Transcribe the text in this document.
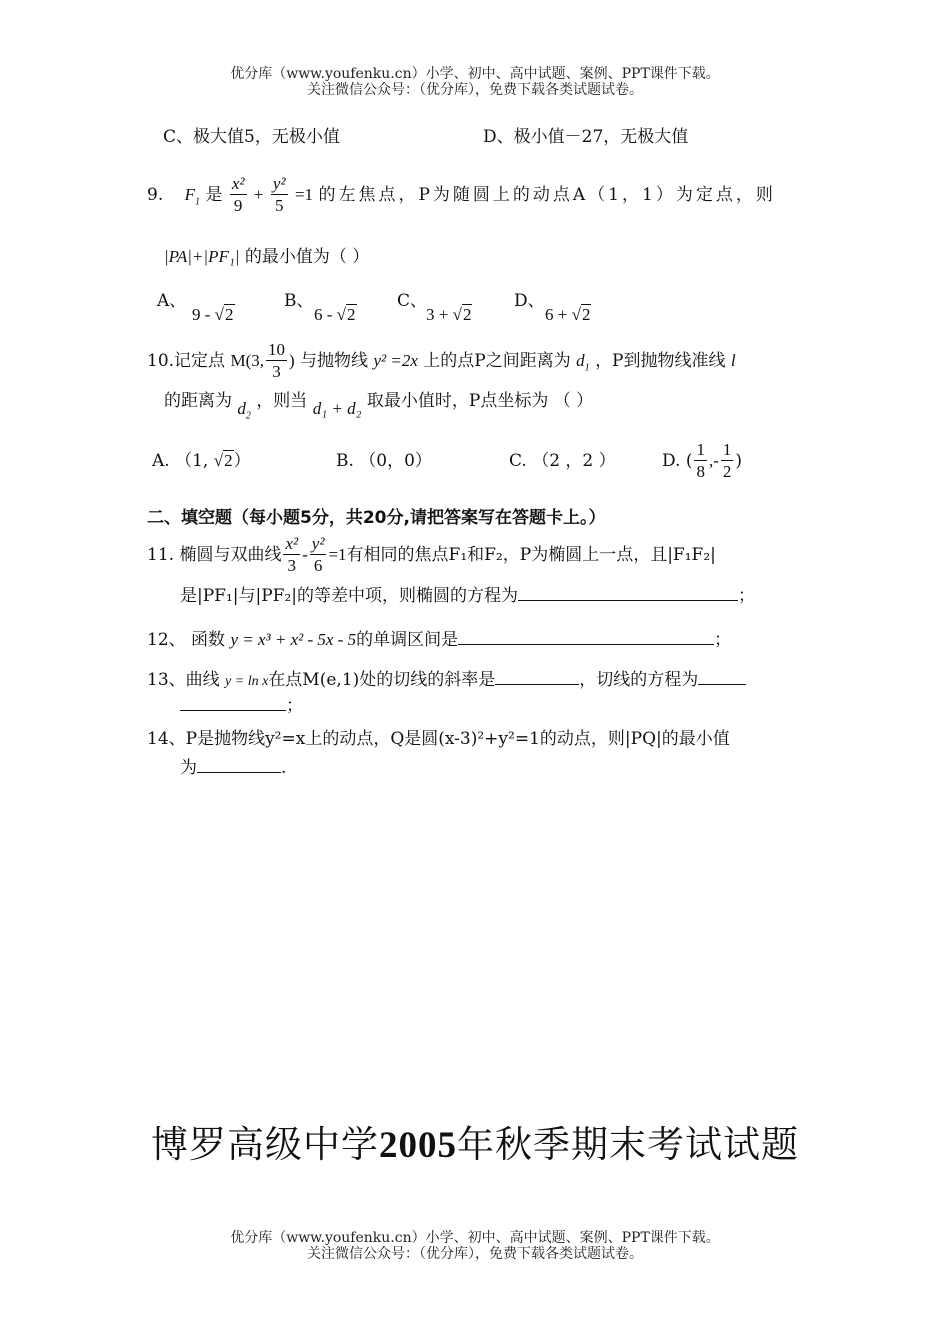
优分库（www.youfenku.cn）小学、初中、高中试题、案例、PPT课件下载。
关注微信公众号：（优分库），免费下载各类试题试卷。
C、极大值5，无极小值	D、极小值－27，无极大值
9. $F_1$ 是 $\frac{\text{x²}}{9} + \frac{\text{y²}}{5} =1$ 的左焦点，P为随圆上的动点A（1，1）为定点，则
|PA|+|PF₁| 的最小值为（ ）
A、
9 - √2
B、
6 - √2
C、
3 + √2
D、
6 + √2
10.记定点 M(3, $\frac{10}{3}$ ) 与抛物线 y² =2x 上的点P之间距离为 $d_1$ ，P到抛物线准线 l
的距离为 $d_2$ ，则当 d₁ + d₂ 取最小值时，P点坐标为 （ ）
A. （1, √2）	B. （0，0）	C. （2 ，2 ）	D. ( $\frac{1}{8}$ ,- $\frac{1}{2}$ )
二、填空题（每小题5分，共20分,请把答案写在答题卡上。）
11. 椭圆与双曲线 $\frac{\text{x²}}{3} - \frac{\text{y²}}{6} =1$有相同的焦点F₁和F₂，P为椭圆上一点，且|F₁F₂|
是|PF₁|与|PF₂|的等差中项，则椭圆的方程为	；
12、 函数 y = x³ + x² - 5x - 5的单调区间是	；
13、曲线 y = ln x在点M(e,1)处的切线的斜率是	，切线的方程为
；
14、P是抛物线y²=x上的动点，Q是圆(x-3)²+y²=1的动点，则|PQ|的最小值
为	.
博罗高级中学2005年秋季期末考试试题
优分库（www.youfenku.cn）小学、初中、高中试题、案例、PPT课件下载。
关注微信公众号：（优分库），免费下载各类试题试卷。
